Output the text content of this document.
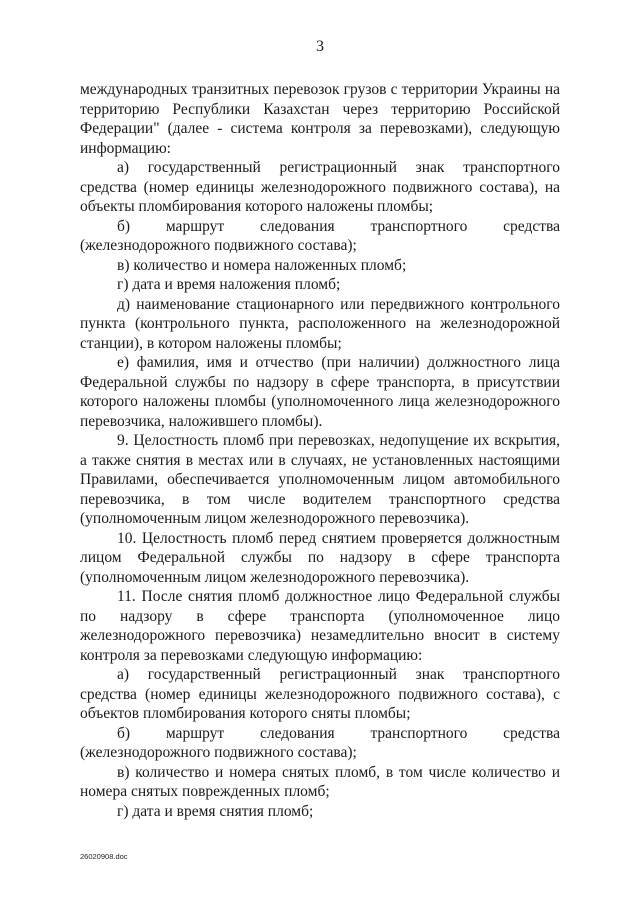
3

международных транзитных перевозок грузов с территории Украины на территорию Республики Казахстан через территорию Российской Федерации" (далее - система контроля за перевозками), следующую информацию:

а) государственный регистрационный знак транспортного средства (номер единицы железнодорожного подвижного состава), на объекты пломбирования которого наложены пломбы;

б) маршрут следования транспортного средства (железнодорожного подвижного состава);

в) количество и номера наложенных пломб;

г) дата и время наложения пломб;

д) наименование стационарного или передвижного контрольного пункта (контрольного пункта, расположенного на железнодорожной станции), в котором наложены пломбы;

е) фамилия, имя и отчество (при наличии) должностного лица Федеральной службы по надзору в сфере транспорта, в присутствии которого наложены пломбы (уполномоченного лица железнодорожного перевозчика, наложившего пломбы).

9. Целостность пломб при перевозках, недопущение их вскрытия, а также снятия в местах или в случаях, не установленных настоящими Правилами, обеспечивается уполномоченным лицом автомобильного перевозчика, в том числе водителем транспортного средства (уполномоченным лицом железнодорожного перевозчика).

10. Целостность пломб перед снятием проверяется должностным лицом Федеральной службы по надзору в сфере транспорта (уполномоченным лицом железнодорожного перевозчика).

11. После снятия пломб должностное лицо Федеральной службы по надзору в сфере транспорта (уполномоченное лицо железнодорожного перевозчика) незамедлительно вносит в систему контроля за перевозками следующую информацию:

а) государственный регистрационный знак транспортного средства (номер единицы железнодорожного подвижного состава), с объектов пломбирования которого сняты пломбы;

б) маршрут следования транспортного средства (железнодорожного подвижного состава);

в) количество и номера снятых пломб, в том числе количество и номера снятых поврежденных пломб;

г) дата и время снятия пломб;

26020908.doc
